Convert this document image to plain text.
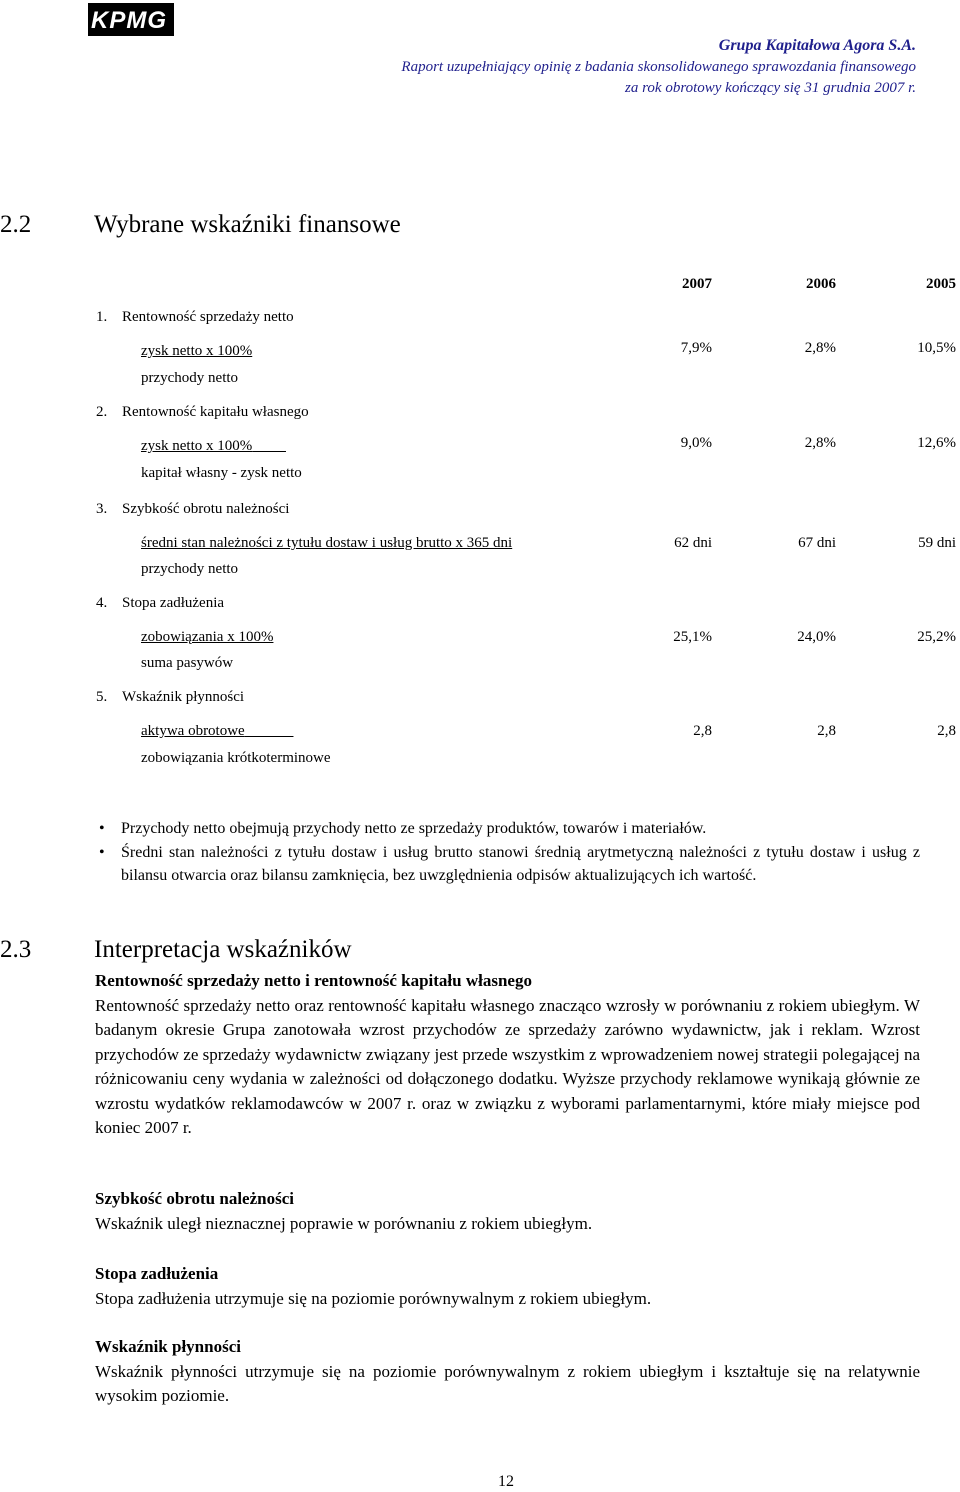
KPMG
Grupa Kapitałowa Agora S.A.
Raport uzupełniający opinię z badania skonsolidowanego sprawozdania finansowego
za rok obrotowy kończący się 31 grudnia 2007 r.
2.2	Wybrane wskaźniki finansowe
2007	2006	2005
1. Rentowność sprzedaży netto
zysk netto x 100%
przychody netto
7,9%	2,8%	10,5%
2. Rentowność kapitału własnego
zysk netto x 100%
kapitał własny - zysk netto
9,0%	2,8%	12,6%
3. Szybkość obrotu należności
średni stan należności z tytułu dostaw i usług brutto x 365 dni
przychody netto
62 dni	67 dni	59 dni
4. Stopa zadłużenia
zobowiązania x 100%
suma pasywów
25,1%	24,0%	25,2%
5. Wskaźnik płynności
aktywa obrotowe
zobowiązania krótkoterminowe
2,8	2,8	2,8
• Przychody netto obejmują przychody netto ze sprzedaży produktów, towarów i materiałów.
• Średni stan należności z tytułu dostaw i usług brutto stanowi średnią arytmetyczną należności z tytułu dostaw i usług z bilansu otwarcia oraz bilansu zamknięcia, bez uwzględnienia odpisów aktualizujących ich wartość.
2.3	Interpretacja wskaźników
Rentowność sprzedaży netto i rentowność kapitału własnego
Rentowność sprzedaży netto oraz rentowność kapitału własnego znacząco wzrosły w porównaniu z rokiem ubiegłym. W badanym okresie Grupa zanotowała wzrost przychodów ze sprzedaży zarówno wydawnictw, jak i reklam. Wzrost przychodów ze sprzedaży wydawnictw związany jest przede wszystkim z wprowadzeniem nowej strategii polegającej na różnicowaniu ceny wydania w zależności od dołączonego dodatku. Wyższe przychody reklamowe wynikają głównie ze wzrostu wydatków reklamodawców w 2007 r. oraz w związku z wyborami parlamentarnymi, które miały miejsce pod koniec 2007 r.
Szybkość obrotu należności
Wskaźnik uległ nieznacznej poprawie w porównaniu z rokiem ubiegłym.
Stopa zadłużenia
Stopa zadłużenia utrzymuje się na poziomie porównywalnym z rokiem ubiegłym.
Wskaźnik płynności
Wskaźnik płynności utrzymuje się na poziomie porównywalnym z rokiem ubiegłym i kształtuje się na relatywnie wysokim poziomie.
12
